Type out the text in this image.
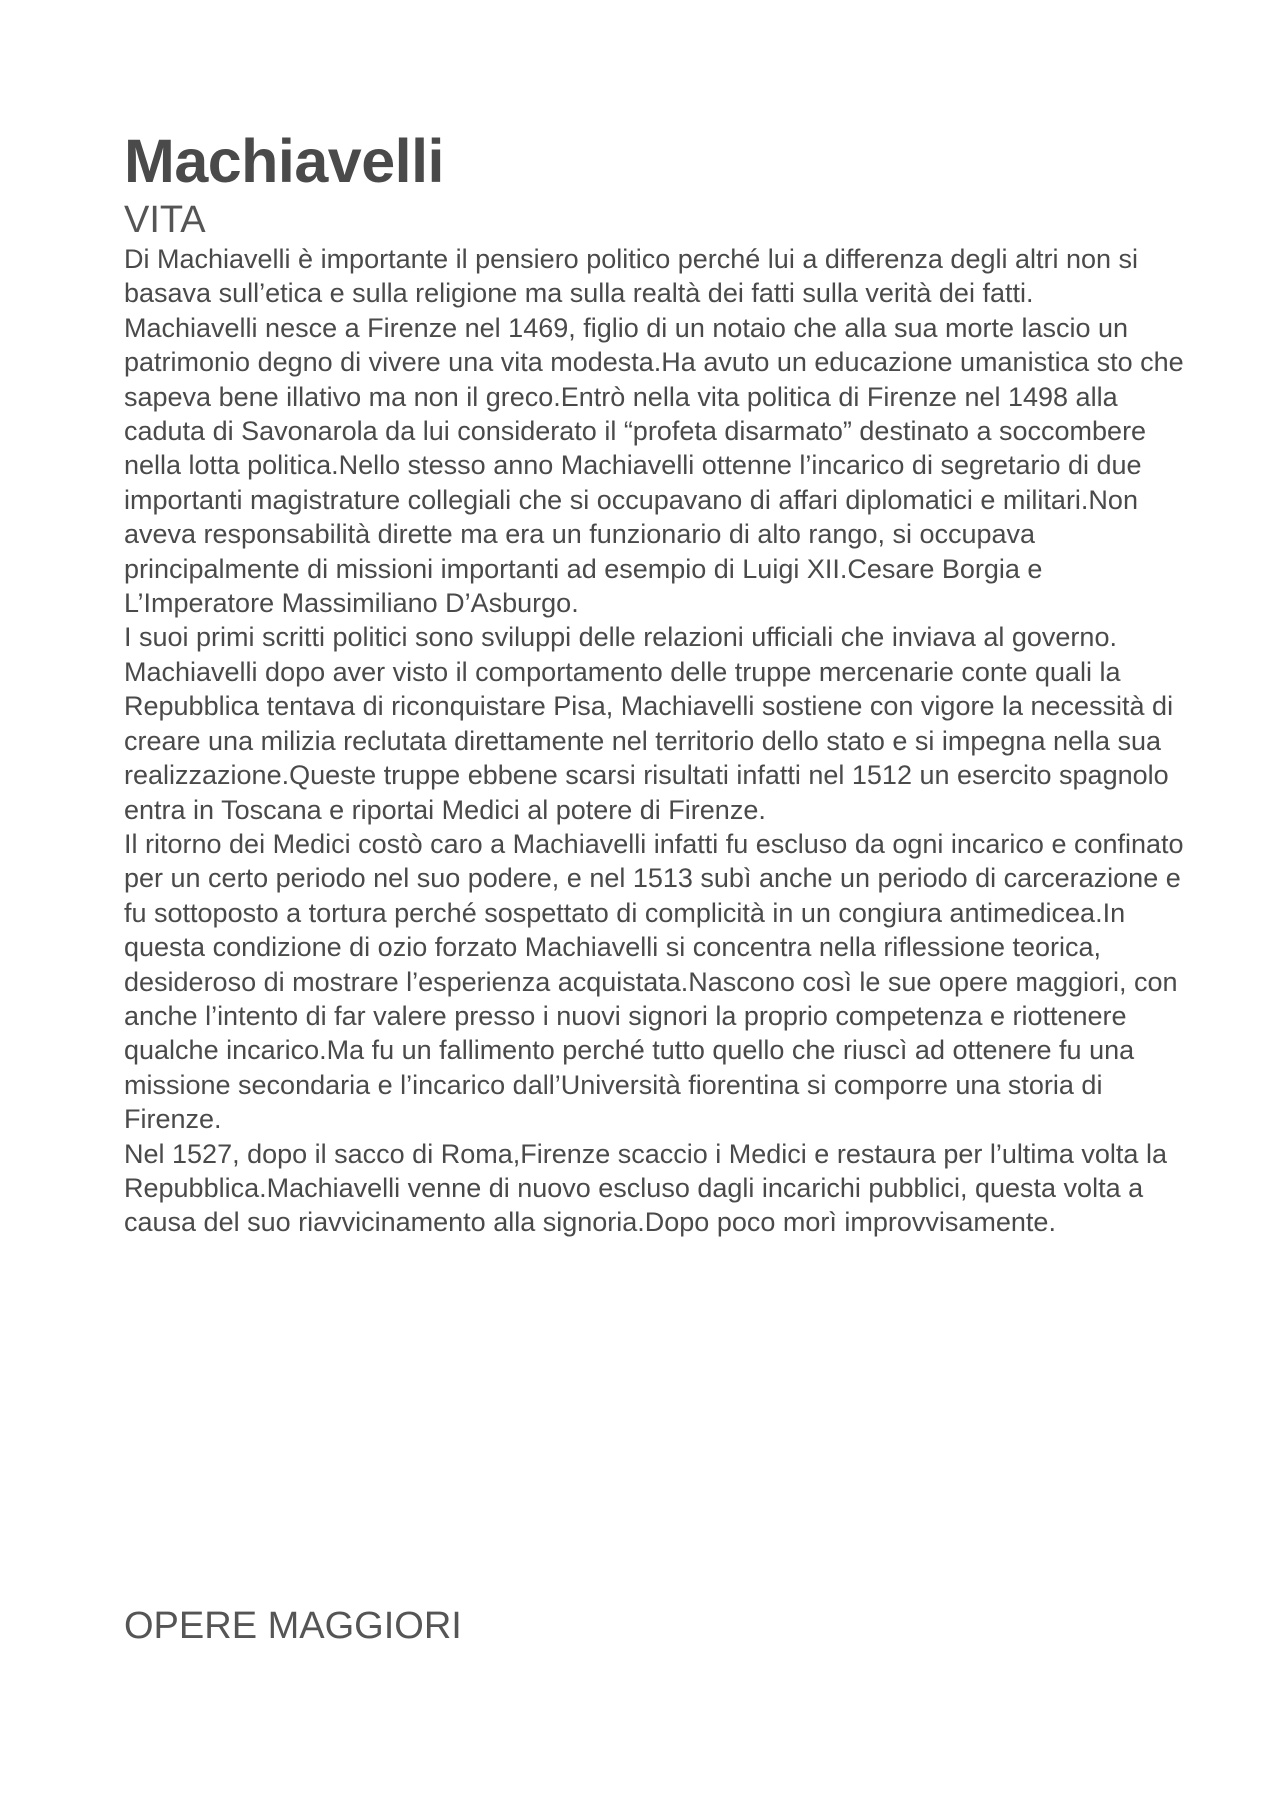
Machiavelli
VITA

Di Machiavelli è importante il pensiero politico perché lui a differenza degli altri non si basava sull’etica e sulla religione ma sulla realtà dei fatti sulla verità dei fatti.

Machiavelli nesce a Firenze nel 1469, figlio di un notaio che alla sua morte lascio un patrimonio degno di vivere una vita modesta.Ha avuto un educazione umanistica sto che sapeva bene illativo ma non il greco.Entrò nella vita politica di Firenze nel 1498 alla caduta di Savonarola da lui considerato il “profeta disarmato” destinato a soccombere nella lotta politica.Nello stesso anno Machiavelli ottenne l’incarico di segretario di due importanti magistrature collegiali che si occupavano di affari diplomatici e militari.Non aveva responsabilità dirette ma era un funzionario di alto rango, si occupava principalmente di missioni importanti ad esempio di Luigi XII.Cesare Borgia e L’Imperatore Massimiliano D’Asburgo.

I suoi primi scritti politici sono sviluppi delle relazioni ufficiali che inviava al governo.

Machiavelli dopo aver visto il comportamento delle truppe mercenarie conte quali la Repubblica tentava di riconquistare Pisa, Machiavelli sostiene con vigore la necessità di creare una milizia reclutata direttamente nel territorio dello stato e si impegna nella sua realizzazione.Queste truppe ebbene scarsi risultati infatti nel 1512 un esercito spagnolo entra in Toscana e riportai Medici al potere di Firenze.

Il ritorno dei Medici costò caro a Machiavelli infatti fu escluso da ogni incarico e confinato per un certo periodo nel suo podere, e nel 1513 subì anche un periodo di carcerazione e fu sottoposto a tortura perché sospettato di complicità in un congiura antimedicea.In questa condizione di ozio forzato Machiavelli si concentra nella riflessione teorica, desideroso di mostrare l’esperienza acquistata.Nascono così le sue opere maggiori, con anche l’intento di far valere presso i nuovi signori la proprio competenza e riottenere qualche incarico.Ma fu un fallimento perché tutto quello che riuscì ad ottenere fu una missione secondaria e l’incarico dall’Università fiorentina si comporre una storia di Firenze.

Nel 1527, dopo il sacco di Roma,Firenze scaccio i Medici e restaura per l’ultima volta la Repubblica.Machiavelli venne di nuovo escluso dagli incarichi pubblici, questa volta a causa del suo riavvicinamento alla signoria.Dopo poco morì improvvisamente.

OPERE MAGGIORI
